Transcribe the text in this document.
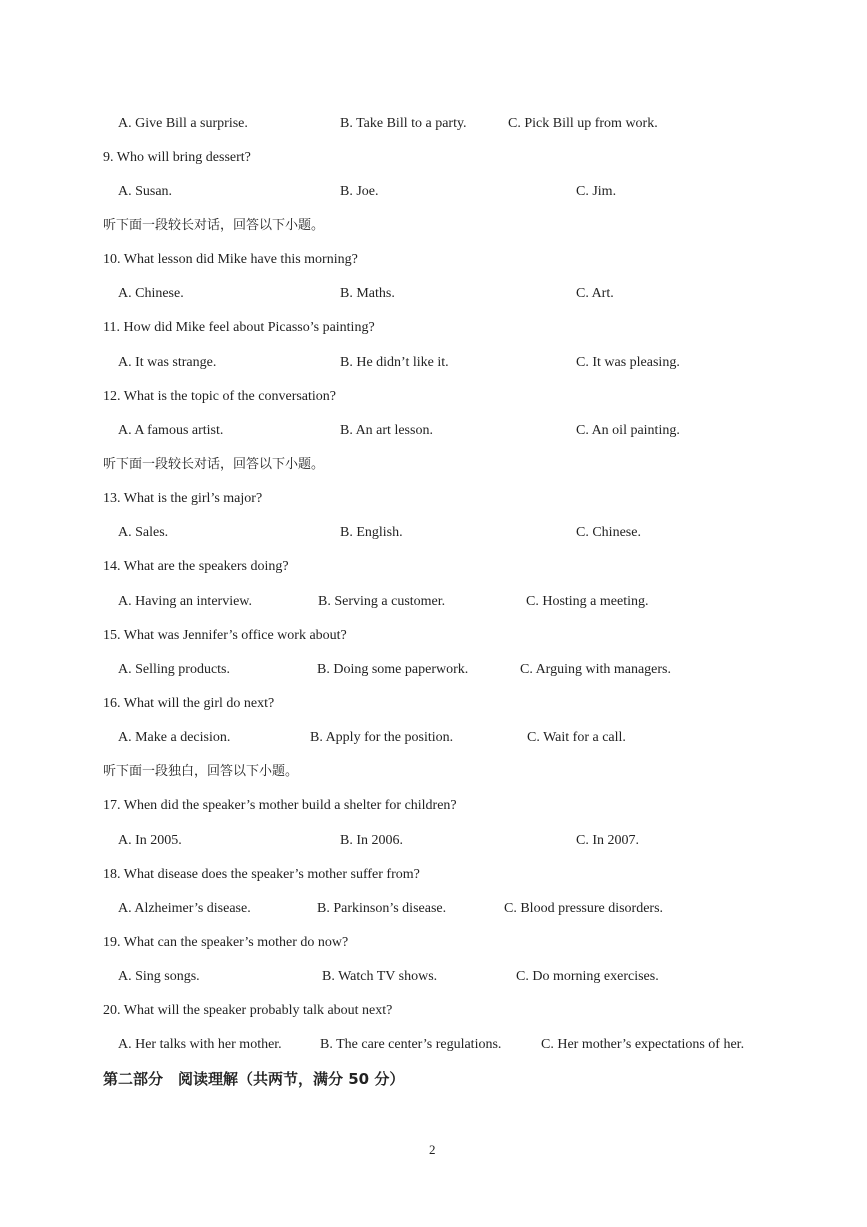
A. Give Bill a surprise.	B. Take Bill to a party.	C. Pick Bill up from work.
9. Who will bring dessert?
A. Susan.	B. Joe.	C. Jim.
听下面一段较长对话，回答以下小题。
10. What lesson did Mike have this morning?
A. Chinese.	B. Maths.	C. Art.
11. How did Mike feel about Picasso’s painting?
A. It was strange.	B. He didn’t like it.	C. It was pleasing.
12. What is the topic of the conversation?
A. A famous artist.	B. An art lesson.	C. An oil painting.
听下面一段较长对话，回答以下小题。
13. What is the girl’s major?
A. Sales.	B. English.	C. Chinese.
14. What are the speakers doing?
A. Having an interview.	B. Serving a customer.	C. Hosting a meeting.
15. What was Jennifer’s office work about?
A. Selling products.	B. Doing some paperwork.	C. Arguing with managers.
16. What will the girl do next?
A. Make a decision.	B. Apply for the position.	C. Wait for a call.
听下面一段独白，回答以下小题。
17. When did the speaker’s mother build a shelter for children?
A. In 2005.	B. In 2006.	C. In 2007.
18. What disease does the speaker’s mother suffer from?
A. Alzheimer’s disease.	B. Parkinson’s disease.	C. Blood pressure disorders.
19. What can the speaker’s mother do now?
A. Sing songs.	B. Watch TV shows.	C. Do morning exercises.
20. What will the speaker probably talk about next?
A. Her talks with her mother.	B. The care center’s regulations.	C. Her mother’s expectations of her.
第二部分　阅读理解（共两节，满分 50 分）
2
